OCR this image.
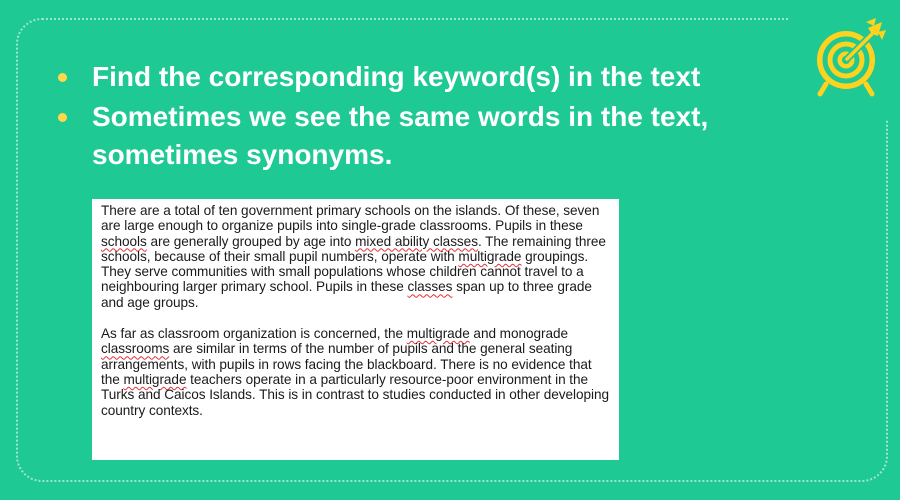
Find the corresponding keyword(s) in the text
Sometimes we see the same words in the text, sometimes synonyms.

There are a total of ten government primary schools on the islands. Of these, seven are large enough to organize pupils into single-grade classrooms. Pupils in these schools are generally grouped by age into mixed ability classes. The remaining three schools, because of their small pupil numbers, operate with multigrade groupings. They serve communities with small populations whose children cannot travel to a neighbouring larger primary school. Pupils in these classes span up to three grade and age groups.

As far as classroom organization is concerned, the multigrade and monograde classrooms are similar in terms of the number of pupils and the general seating arrangements, with pupils in rows facing the blackboard. There is no evidence that the multigrade teachers operate in a particularly resource-poor environment in the Turks and Caicos Islands. This is in contrast to studies conducted in other developing country contexts.
